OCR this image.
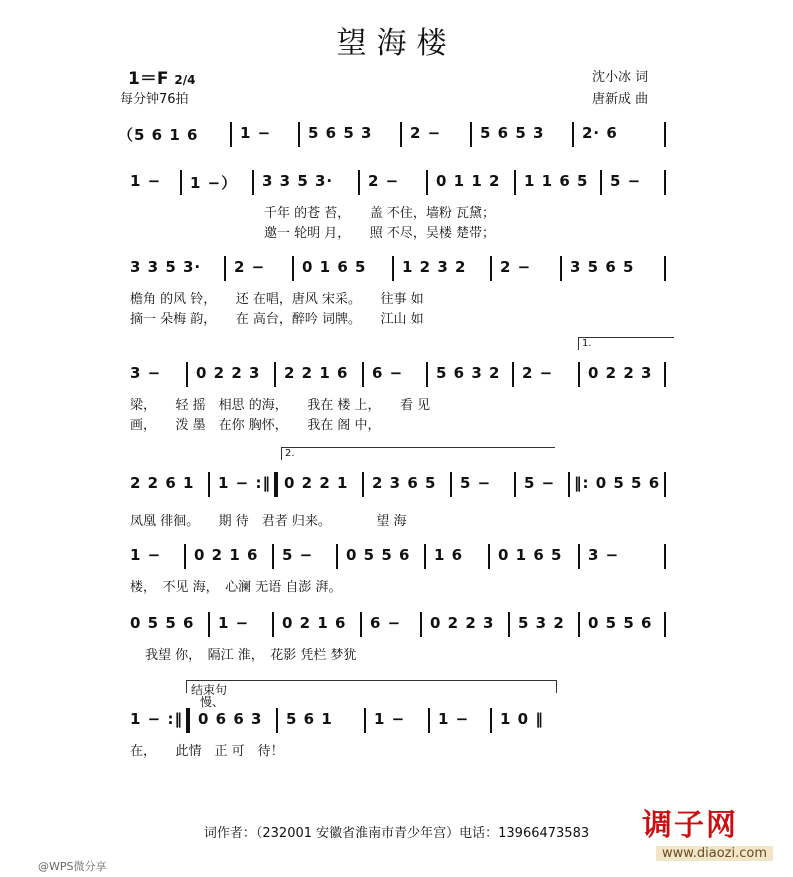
望海楼
1＝F 2/4
每分钟76拍
沈小冰 词
唐新成 曲
（5 6 1 6	1 − 5 6 5 3	2 −	5 6 5 3	2· 6
1 − 1 −） 3 3 5 3· 2 − 0 1 1 2 1 1 6 5 5 −
千年 的苍 苔，　　盖 不住，墙粉 瓦黛；
邀一 轮明 月，　　照 不尽，吴楼 楚带；
3 3 5 3· 2 − 0 1 6 5 1 2 3 2 2 −	3 5 6 5
檐角 的风 铃，　　还 在唱，唐风 宋采。　　往事 如
摘一 朵梅 韵，　　在 高台，醉吟 词牌。　　江山 如
1.
3 − 0 2 2 3 2 2 1 6 6 − 5 6 3 2 2 − 0 2 2 3
梁，　　轻 摇　相思 的海，　　我在 楼 上，　　看 见
画，　　泼 墨　在你 胸怀，　　我在 阁 中，
2.
2 2 6 1 1 − :‖ 0 2 2 1 2 3 6 5 5 − 5 − ‖: 0 5 5 6
凤凰 徘徊。　　期 待　君者 归来。　　　　望 海
1 − 0 2 1 6 5 − 0 5 5 6 1 6 0 1 6 5 3 −
楼，　不见 海，　心澜 无语 自澎 湃。
0 5 5 6 1 − 0 2 1 6 6 − 0 2 2 3 5 3 2 0 5 5 6
我望 你，　隔江 淮，　花影 凭栏 梦犹
结束句
慢、
1 − :‖ 0 6 6 3 5 6 1	1 − 1 − 1 0 ‖
在，　　此情　正 可　待！
词作者：（232001 安徽省淮南市青少年宫）电话：13966473583	调子网
www.diaozi.com
@WPS微分享
